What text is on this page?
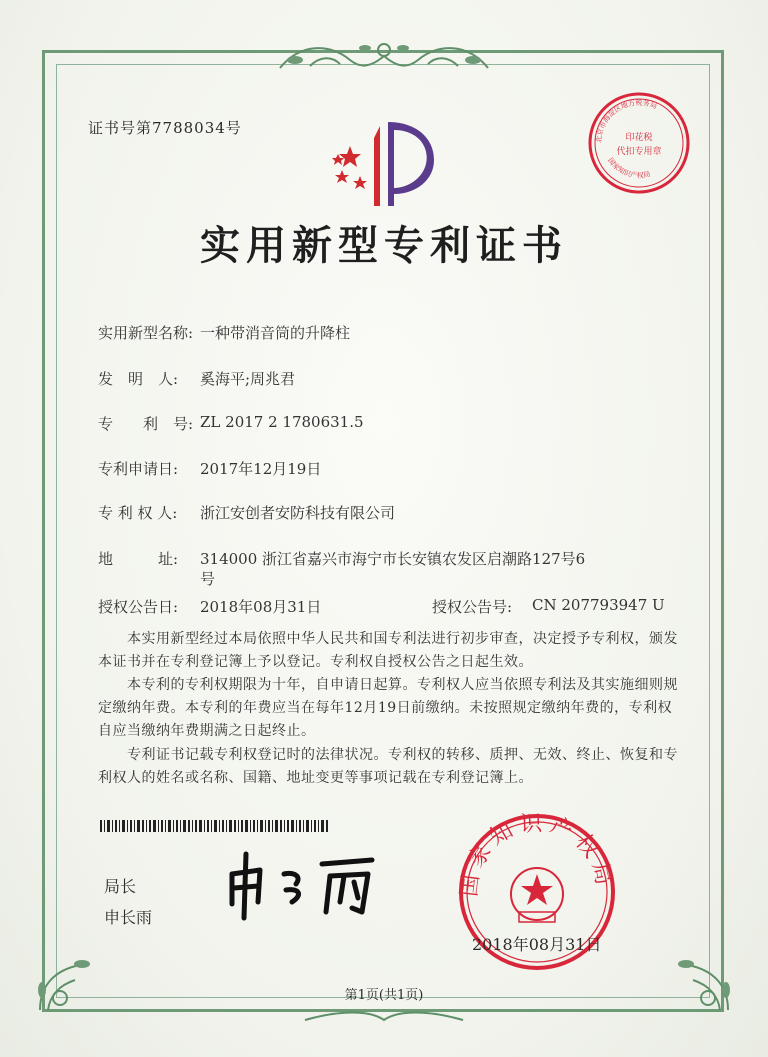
证书号第7788034号
印花税
代扣专用章
北京市海淀区地方税务局
国家知识产权局
实用新型专利证书
实用新型名称: 一种带消音筒的升降柱
发　明　人: 奚海平;周兆君
专　　利　号: ZL 2017 2 1780631.5
专利申请日: 2017年12月19日
专 利 权 人: 浙江安创者安防科技有限公司
地　　　址: 314000 浙江省嘉兴市海宁市长安镇农发区启潮路127号6
号
授权公告日: 2018年08月31日	授权公告号: CN 207793947 U
　　本实用新型经过本局依照中华人民共和国专利法进行初步审查，决定授予专利权，颁发
本证书并在专利登记簿上予以登记。专利权自授权公告之日起生效。
　　本专利的专利权期限为十年，自申请日起算。专利权人应当依照专利法及其实施细则规
定缴纳年费。本专利的年费应当在每年12月19日前缴纳。未按照规定缴纳年费的，专利权
自应当缴纳年费期满之日起终止。
　　专利证书记载专利权登记时的法律状况。专利权的转移、质押、无效、终止、恢复和专
利权人的姓名或名称、国籍、地址变更等事项记载在专利登记簿上。
局长
申长雨
国家知识产权局
2018年08月31日
第1页(共1页)
